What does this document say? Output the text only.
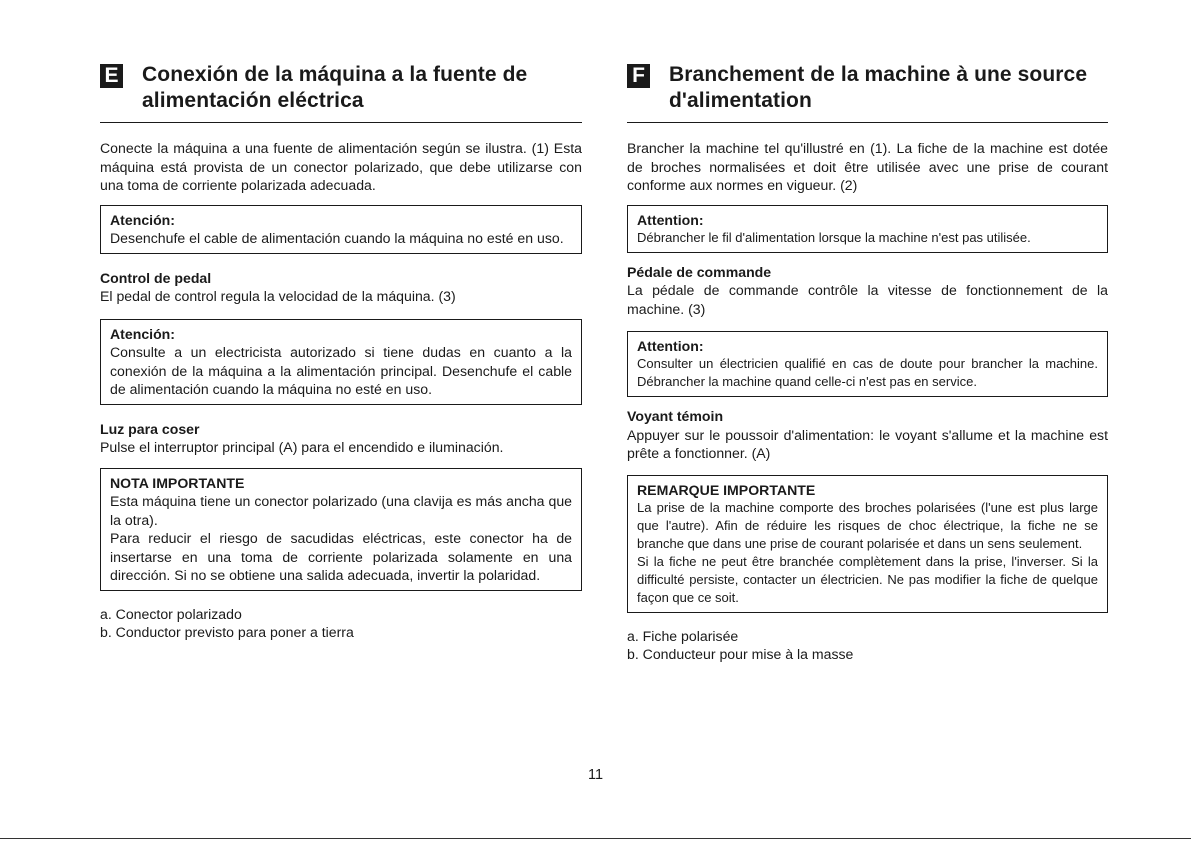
E Conexión de la máquina a la fuente de alimentación eléctrica

Conecte la máquina a una fuente de alimentación según se ilustra. (1) Esta máquina está provista de un conector polarizado, que debe utilizarse con una toma de corriente polarizada adecuada.

Atención:
Desenchufe el cable de alimentación cuando la máquina no esté en uso.
Control de pedal

El pedal de control regula la velocidad de la máquina. (3)

Atención:
Consulte a un electricista autorizado si tiene dudas en cuanto a la conexión de la máquina a la alimentación principal. Desenchufe el cable de alimentación cuando la máquina no esté en uso.
Luz para coser

Pulse el interruptor principal (A) para el encendido e iluminación.

NOTA IMPORTANTE
Esta máquina tiene un conector polarizado (una clavija es más ancha que la otra).
Para reducir el riesgo de sacudidas eléctricas, este conector ha de insertarse en una toma de corriente polarizada solamente en una dirección. Si no se obtiene una salida adecuada, invertir la polaridad.
a. Conector polarizado
b. Conductor previsto para poner a tierra
F Branchement de la machine à une source d'alimentation

Brancher la machine tel qu'illustré en (1). La fiche de la machine est dotée de broches normalisées et doit être utilisée avec une prise de courant conforme aux normes en vigueur. (2)

Attention:
Débrancher le fil d'alimentation lorsque la machine n'est pas utilisée.
Pédale de commande

La pédale de commande contrôle la vitesse de fonctionnement de la machine. (3)

Attention:
Consulter un électricien qualifié en cas de doute pour brancher la machine. Débrancher la machine quand celle-ci n'est pas en service.
Voyant témoin

Appuyer sur le poussoir d'alimentation: le voyant s'allume et la machine est prête a fonctionner. (A)

REMARQUE IMPORTANTE
La prise de la machine comporte des broches polarisées (l'une est plus large que l'autre). Afin de réduire les risques de choc électrique, la fiche ne se branche que dans une prise de courant polarisée et dans un sens seulement.
Si la fiche ne peut être branchée complètement dans la prise, l'inverser. Si la difficulté persiste, contacter un électricien. Ne pas modifier la fiche de quelque façon que ce soit.
a. Fiche polarisée
b. Conducteur pour mise à la masse
11
